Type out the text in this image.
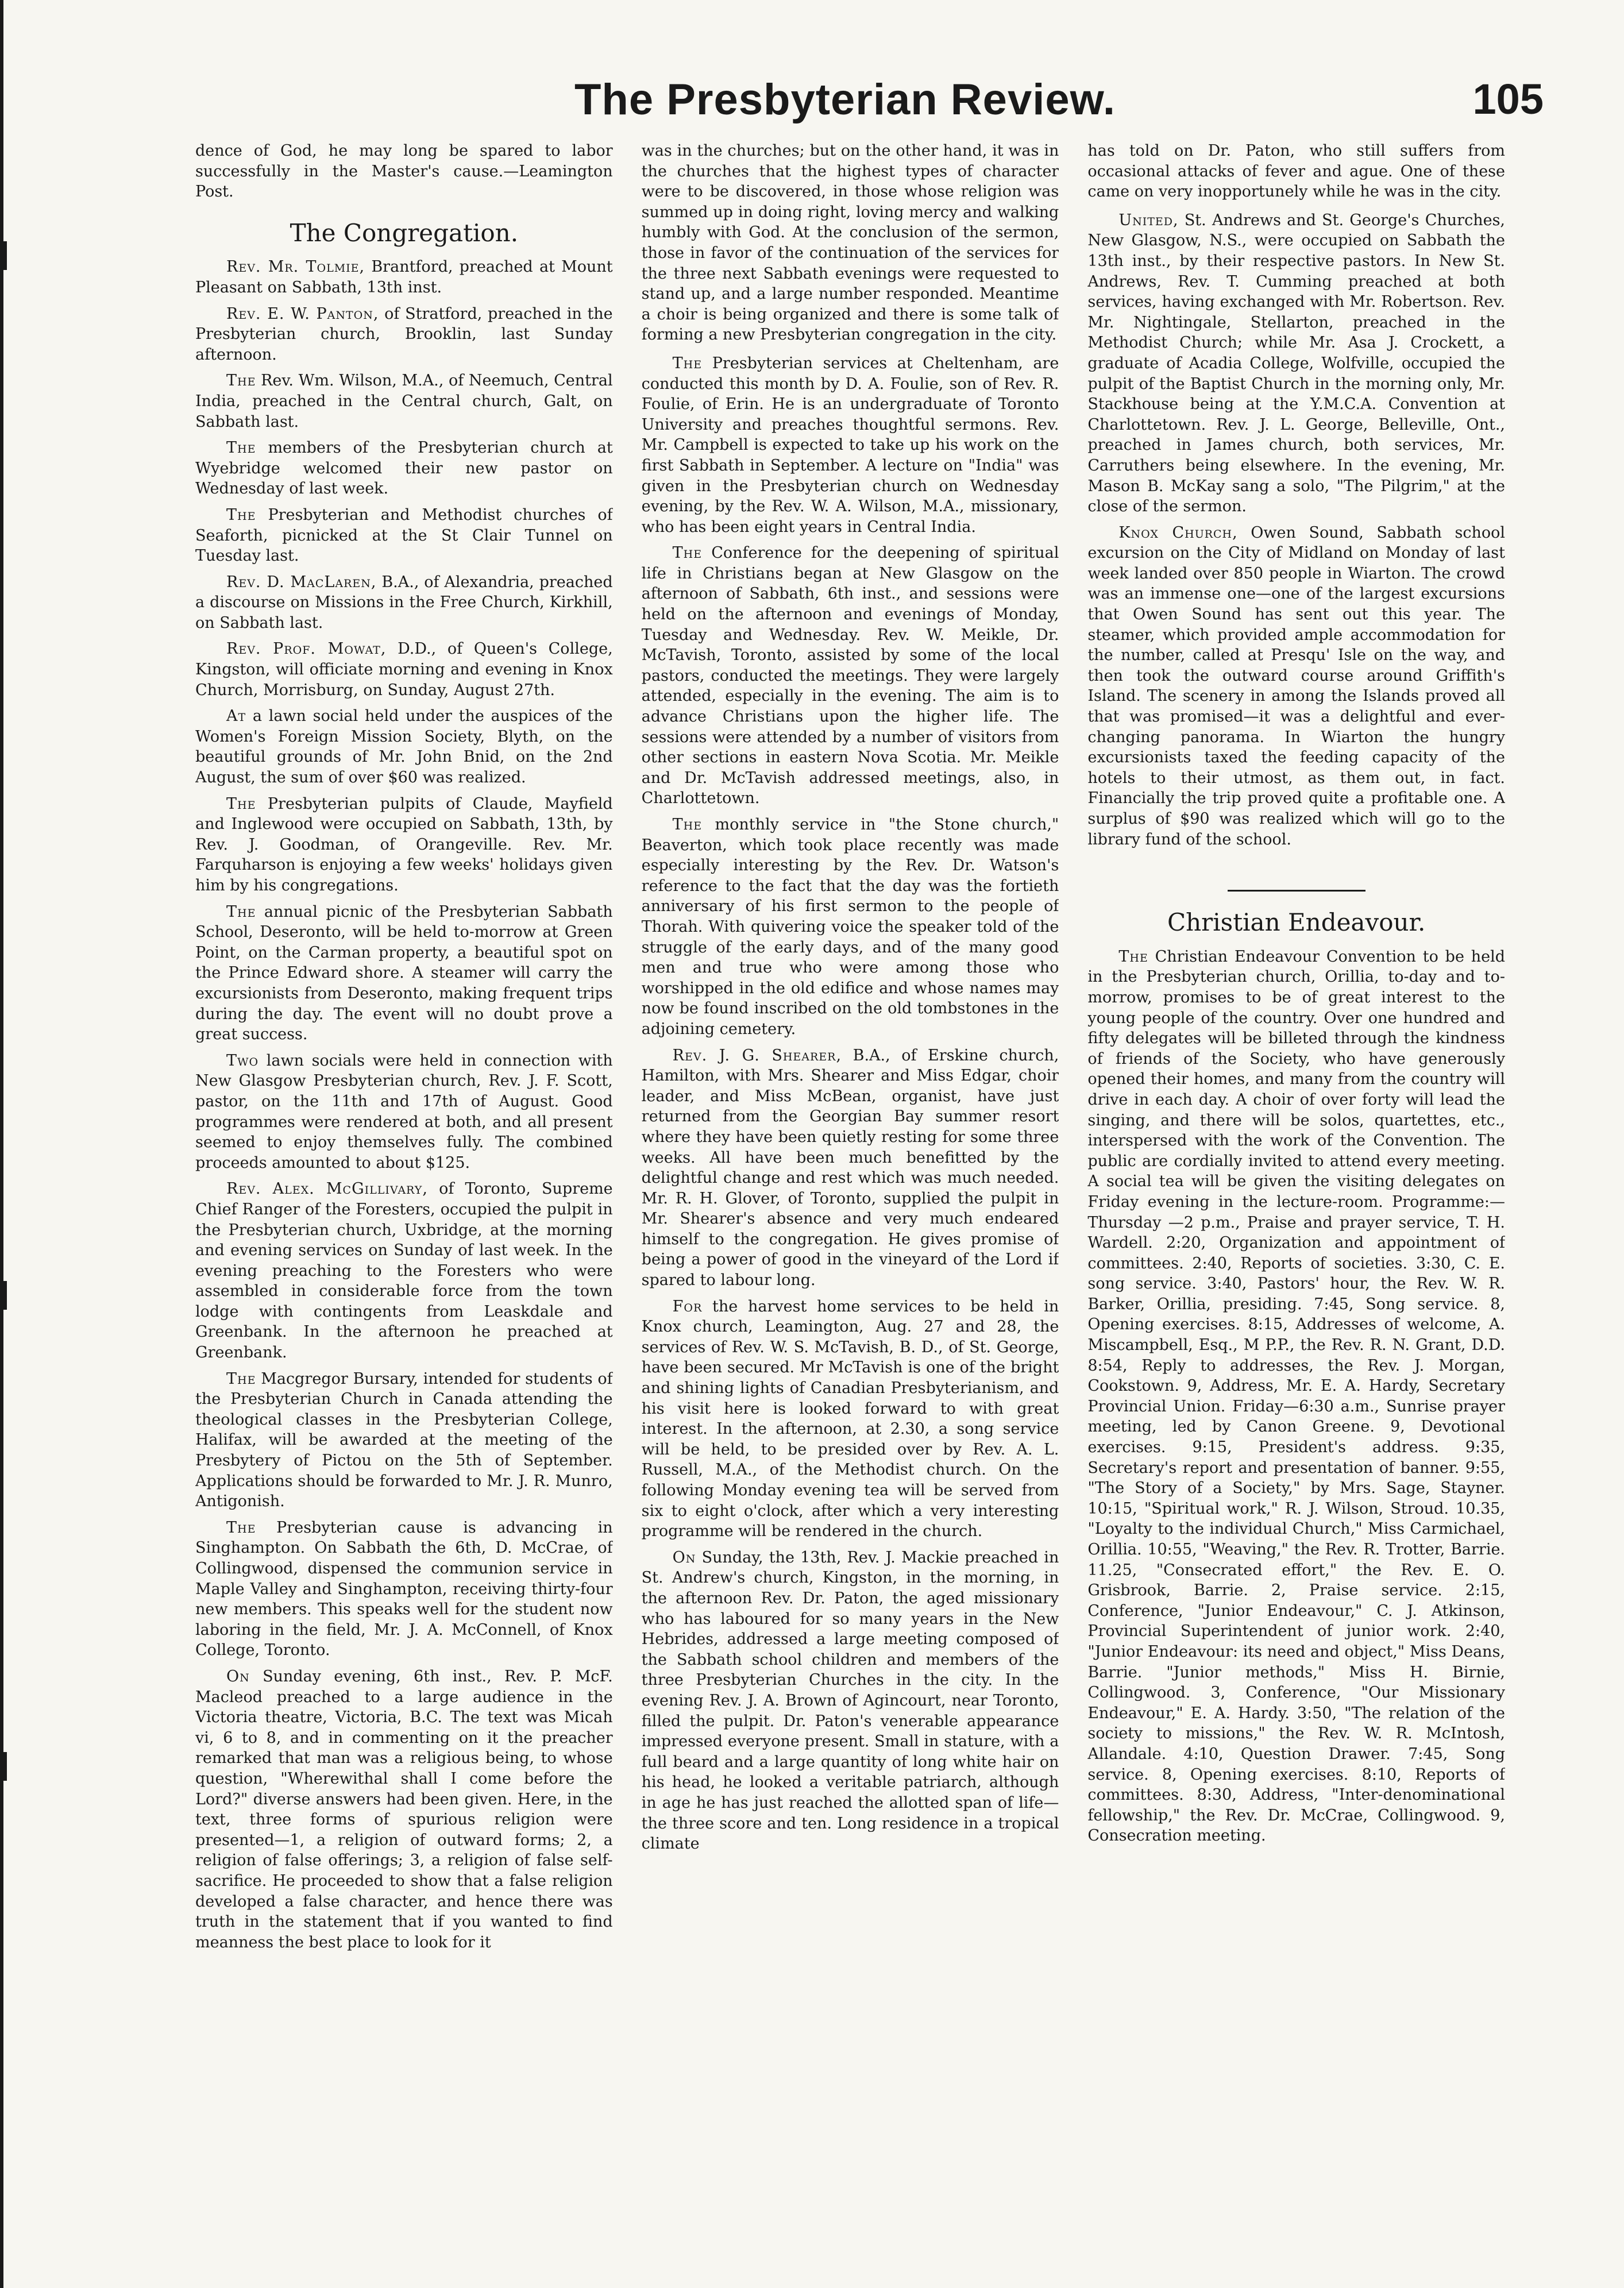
The Presbyterian Review.	105

dence of God, he may long be spared to labor successfully in the Master's cause.—Leamington Post.

The Congregation.

Rev. Mr. Tolmie, Brantford, preached at Mount Pleasant on Sabbath, 13th inst.

Rev. E. W. Panton, of Stratford, preached in the Presbyterian church, Brooklin, last Sunday afternoon.

The Rev. Wm. Wilson, M.A., of Neemuch, Central India, preached in the Central church, Galt, on Sabbath last.

The members of the Presbyterian church at Wyebridge welcomed their new pastor on Wednesday of last week.

The Presbyterian and Methodist churches of Seaforth, picnicked at the St Clair Tunnel on Tuesday last.

Rev. D. MacLaren, B.A., of Alexandria, preached a discourse on Missions in the Free Church, Kirkhill, on Sabbath last.

Rev. Prof. Mowat, D.D., of Queen's College, Kingston, will officiate morning and evening in Knox Church, Morrisburg, on Sunday, August 27th.

At a lawn social held under the auspices of the Women's Foreign Mission Society, Blyth, on the beautiful grounds of Mr. John Bnid, on the 2nd August, the sum of over $60 was realized.

The Presbyterian pulpits of Claude, Mayfield and Inglewood were occupied on Sabbath, 13th, by Rev. J. Goodman, of Orangeville. Rev. Mr. Farquharson is enjoying a few weeks' holidays given him by his congregations.

The annual picnic of the Presbyterian Sabbath School, Deseronto, will be held to-morrow at Green Point, on the Carman property, a beautiful spot on the Prince Edward shore. A steamer will carry the excursionists from Deseronto, making frequent trips during the day. The event will no doubt prove a great success.

Two lawn socials were held in connection with New Glasgow Presbyterian church, Rev. J. F. Scott, pastor, on the 11th and 17th of August. Good programmes were rendered at both, and all present seemed to enjoy themselves fully. The combined proceeds amounted to about $125.

Rev. Alex. McGillivary, of Toronto, Supreme Chief Ranger of the Foresters, occupied the pulpit in the Presbyterian church, Uxbridge, at the morning and evening services on Sunday of last week. In the evening preaching to the Foresters who were assembled in considerable force from the town lodge with contingents from Leaskdale and Greenbank. In the afternoon he preached at Greenbank.

The Macgregor Bursary, intended for students of the Presbyterian Church in Canada attending the theological classes in the Presbyterian College, Halifax, will be awarded at the meeting of the Presbytery of Pictou on the 5th of September. Applications should be forwarded to Mr. J. R. Munro, Antigonish.

The Presbyterian cause is advancing in Singhampton. On Sabbath the 6th, D. McCrae, of Collingwood, dispensed the communion service in Maple Valley and Singhampton, receiving thirty-four new members. This speaks well for the student now laboring in the field, Mr. J. A. McConnell, of Knox College, Toronto.

On Sunday evening, 6th inst., Rev. P. McF. Macleod preached to a large audience in the Victoria theatre, Victoria, B.C. The text was Micah vi, 6 to 8, and in commenting on it the preacher remarked that man was a religious being, to whose question, "Wherewithal shall I come before the Lord?" diverse answers had been given. Here, in the text, three forms of spurious religion were presented—1, a religion of outward forms; 2, a religion of false offerings; 3, a religion of false self-sacrifice. He proceeded to show that a false religion developed a false character, and hence there was truth in the statement that if you wanted to find meanness the best place to look for it

was in the churches; but on the other hand, it was in the churches that the highest types of character were to be discovered, in those whose religion was summed up in doing right, loving mercy and walking humbly with God. At the conclusion of the sermon, those in favor of the continuation of the services for the three next Sabbath evenings were requested to stand up, and a large number responded. Meantime a choir is being organized and there is some talk of forming a new Presbyterian congregation in the city.

The Presbyterian services at Cheltenham, are conducted this month by D. A. Foulie, son of Rev. R. Foulie, of Erin. He is an undergraduate of Toronto University and preaches thoughtful sermons. Rev. Mr. Campbell is expected to take up his work on the first Sabbath in September. A lecture on "India" was given in the Presbyterian church on Wednesday evening, by the Rev. W. A. Wilson, M.A., missionary, who has been eight years in Central India.

The Conference for the deepening of spiritual life in Christians began at New Glasgow on the afternoon of Sabbath, 6th inst., and sessions were held on the afternoon and evenings of Monday, Tuesday and Wednesday. Rev. W. Meikle, Dr. McTavish, Toronto, assisted by some of the local pastors, conducted the meetings. They were largely attended, especially in the evening. The aim is to advance Christians upon the higher life. The sessions were attended by a number of visitors from other sections in eastern Nova Scotia. Mr. Meikle and Dr. McTavish addressed meetings, also, in Charlottetown.

The monthly service in "the Stone church," Beaverton, which took place recently was made especially interesting by the Rev. Dr. Watson's reference to the fact that the day was the fortieth anniversary of his first sermon to the people of Thorah. With quivering voice the speaker told of the struggle of the early days, and of the many good men and true who were among those who worshipped in the old edifice and whose names may now be found inscribed on the old tombstones in the adjoining cemetery.

Rev. J. G. Shearer, B.A., of Erskine church, Hamilton, with Mrs. Shearer and Miss Edgar, choir leader, and Miss McBean, organist, have just returned from the Georgian Bay summer resort where they have been quietly resting for some three weeks. All have been much benefitted by the delightful change and rest which was much needed. Mr. R. H. Glover, of Toronto, supplied the pulpit in Mr. Shearer's absence and very much endeared himself to the congregation. He gives promise of being a power of good in the vineyard of the Lord if spared to labour long.

For the harvest home services to be held in Knox church, Leamington, Aug. 27 and 28, the services of Rev. W. S. McTavish, B. D., of St. George, have been secured. Mr McTavish is one of the bright and shining lights of Canadian Presbyterianism, and his visit here is looked forward to with great interest. In the afternoon, at 2.30, a song service will be held, to be presided over by Rev. A. L. Russell, M.A., of the Methodist church. On the following Monday evening tea will be served from six to eight o'clock, after which a very interesting programme will be rendered in the church.

On Sunday, the 13th, Rev. J. Mackie preached in St. Andrew's church, Kingston, in the morning, in the afternoon Rev. Dr. Paton, the aged missionary who has laboured for so many years in the New Hebrides, addressed a large meeting composed of the Sabbath school children and members of the three Presbyterian Churches in the city. In the evening Rev. J. A. Brown of Agincourt, near Toronto, filled the pulpit. Dr. Paton's venerable appearance impressed everyone present. Small in stature, with a full beard and a large quantity of long white hair on his head, he looked a veritable patriarch, although in age he has just reached the allotted span of life—the three score and ten. Long residence in a tropical climate

has told on Dr. Paton, who still suffers from occasional attacks of fever and ague. One of these came on very inopportunely while he was in the city.

United, St. Andrews and St. George's Churches, New Glasgow, N.S., were occupied on Sabbath the 13th inst., by their respective pastors. In New St. Andrews, Rev. T. Cumming preached at both services, having exchanged with Mr. Robertson. Rev. Mr. Nightingale, Stellarton, preached in the Methodist Church; while Mr. Asa J. Crockett, a graduate of Acadia College, Wolfville, occupied the pulpit of the Baptist Church in the morning only, Mr. Stackhouse being at the Y.M.C.A. Convention at Charlottetown. Rev. J. L. George, Belleville, Ont., preached in James church, both services, Mr. Carruthers being elsewhere. In the evening, Mr. Mason B. McKay sang a solo, "The Pilgrim," at the close of the sermon.

Knox Church, Owen Sound, Sabbath school excursion on the City of Midland on Monday of last week landed over 850 people in Wiarton. The crowd was an immense one—one of the largest excursions that Owen Sound has sent out this year. The steamer, which provided ample accommodation for the number, called at Presqu' Isle on the way, and then took the outward course around Griffith's Island. The scenery in among the Islands proved all that was promised—it was a delightful and ever-changing panorama. In Wiarton the hungry excursionists taxed the feeding capacity of the hotels to their utmost, as them out, in fact. Financially the trip proved quite a profitable one. A surplus of $90 was realized which will go to the library fund of the school.

Christian Endeavour.

The Christian Endeavour Convention to be held in the Presbyterian church, Orillia, to-day and to-morrow, promises to be of great interest to the young people of the country. Over one hundred and fifty delegates will be billeted through the kindness of friends of the Society, who have generously opened their homes, and many from the country will drive in each day. A choir of over forty will lead the singing, and there will be solos, quartettes, etc., interspersed with the work of the Convention. The public are cordially invited to attend every meeting. A social tea will be given the visiting delegates on Friday evening in the lecture-room. Programme:—Thursday —2 p.m., Praise and prayer service, T. H. Wardell. 2:20, Organization and appointment of committees. 2:40, Reports of societies. 3:30, C. E. song service. 3:40, Pastors' hour, the Rev. W. R. Barker, Orillia, presiding. 7:45, Song service. 8, Opening exercises. 8:15, Addresses of welcome, A. Miscampbell, Esq., M P.P., the Rev. R. N. Grant, D.D. 8:54, Reply to addresses, the Rev. J. Morgan, Cookstown. 9, Address, Mr. E. A. Hardy, Secretary Provincial Union. Friday—6:30 a.m., Sunrise prayer meeting, led by Canon Greene. 9, Devotional exercises. 9:15, President's address. 9:35, Secretary's report and presentation of banner. 9:55, "The Story of a Society," by Mrs. Sage, Stayner. 10:15, "Spiritual work," R. J. Wilson, Stroud. 10.35, "Loyalty to the individual Church," Miss Carmichael, Orillia. 10:55, "Weaving," the Rev. R. Trotter, Barrie. 11.25, "Consecrated effort," the Rev. E. O. Grisbrook, Barrie. 2, Praise service. 2:15, Conference, "Junior Endeavour," C. J. Atkinson, Provincial Superintendent of junior work. 2:40, "Junior Endeavour: its need and object," Miss Deans, Barrie. "Junior methods," Miss H. Birnie, Collingwood. 3, Conference, "Our Missionary Endeavour," E. A. Hardy. 3:50, "The relation of the society to missions," the Rev. W. R. McIntosh, Allandale. 4:10, Question Drawer. 7:45, Song service. 8, Opening exercises. 8:10, Reports of committees. 8:30, Address, "Inter-denominational fellowship," the Rev. Dr. McCrae, Collingwood. 9, Consecration meeting.
